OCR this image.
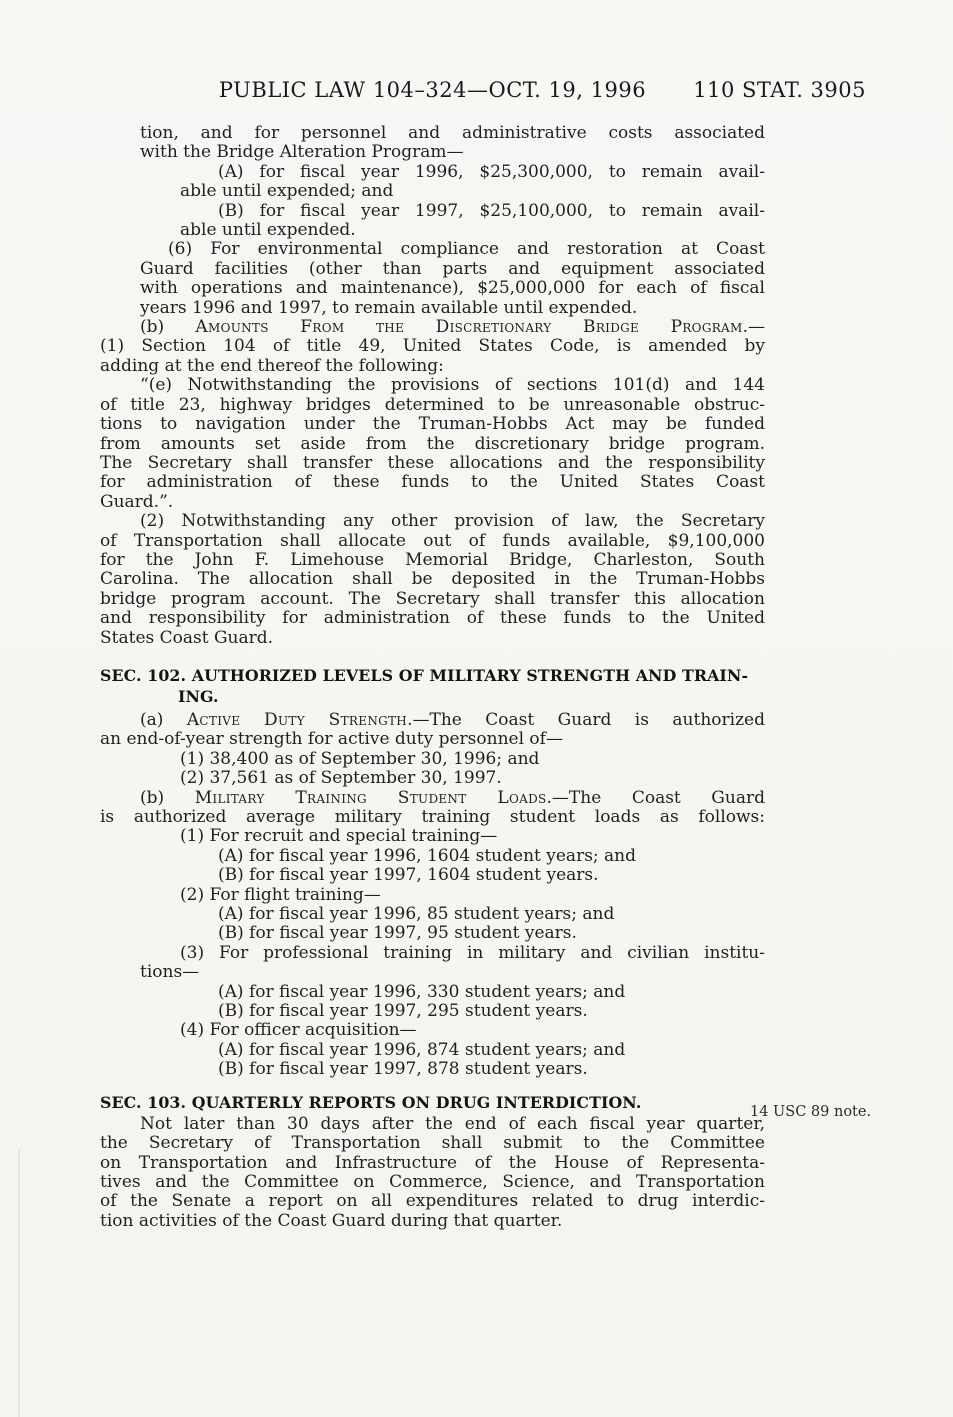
PUBLIC LAW 104–324—OCT. 19, 1996	110 STAT. 3905
tion, and for personnel and administrative costs associated
with the Bridge Alteration Program—
(A) for fiscal year 1996, $25,300,000, to remain avail-
able until expended; and
(B) for fiscal year 1997, $25,100,000, to remain avail-
able until expended.
(6) For environmental compliance and restoration at Coast
Guard facilities (other than parts and equipment associated
with operations and maintenance), $25,000,000 for each of fiscal
years 1996 and 1997, to remain available until expended.
(b) Amounts From the Discretionary Bridge Program.—
(1) Section 104 of title 49, United States Code, is amended by
adding at the end thereof the following:
“(e) Notwithstanding the provisions of sections 101(d) and 144
of title 23, highway bridges determined to be unreasonable obstruc-
tions to navigation under the Truman-Hobbs Act may be funded
from amounts set aside from the discretionary bridge program.
The Secretary shall transfer these allocations and the responsibility
for administration of these funds to the United States Coast
Guard.”.
(2) Notwithstanding any other provision of law, the Secretary
of Transportation shall allocate out of funds available, $9,100,000
for the John F. Limehouse Memorial Bridge, Charleston, South
Carolina. The allocation shall be deposited in the Truman-Hobbs
bridge program account. The Secretary shall transfer this allocation
and responsibility for administration of these funds to the United
States Coast Guard.
SEC. 102. AUTHORIZED LEVELS OF MILITARY STRENGTH AND TRAIN-
ING.
(a) Active Duty Strength.—The Coast Guard is authorized
an end-of-year strength for active duty personnel of—
(1) 38,400 as of September 30, 1996; and
(2) 37,561 as of September 30, 1997.
(b) Military Training Student Loads.—The Coast Guard
is authorized average military training student loads as follows:
(1) For recruit and special training—
(A) for fiscal year 1996, 1604 student years; and
(B) for fiscal year 1997, 1604 student years.
(2) For flight training—
(A) for fiscal year 1996, 85 student years; and
(B) for fiscal year 1997, 95 student years.
(3) For professional training in military and civilian institu-
tions—
(A) for fiscal year 1996, 330 student years; and
(B) for fiscal year 1997, 295 student years.
(4) For officer acquisition—
(A) for fiscal year 1996, 874 student years; and
(B) for fiscal year 1997, 878 student years.
SEC. 103. QUARTERLY REPORTS ON DRUG INTERDICTION.
Not later than 30 days after the end of each fiscal year quarter,
the Secretary of Transportation shall submit to the Committee
on Transportation and Infrastructure of the House of Representa-
tives and the Committee on Commerce, Science, and Transportation
of the Senate a report on all expenditures related to drug interdic-
tion activities of the Coast Guard during that quarter.
14 USC 89 note.
